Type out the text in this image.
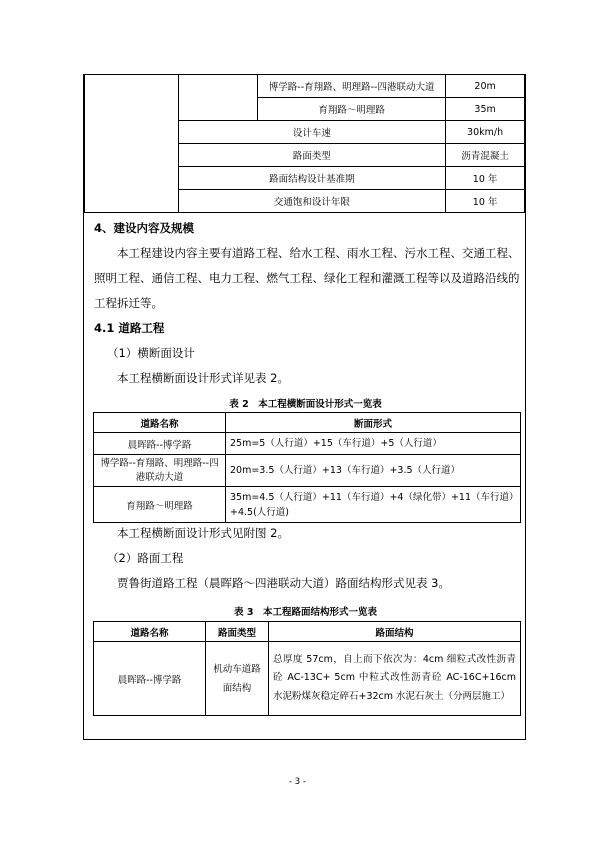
		博学路--育翔路、明理路--四港联动大道	20m
		育翔路～明理路	35m
	设计车速		30km/h
	路面类型		沥青混凝土
	路面结构设计基准期		10 年
	交通饱和设计年限		10 年
4、建设内容及规模
本工程建设内容主要有道路工程、给水工程、雨水工程、污水工程、交通工程、照明工程、通信工程、电力工程、燃气工程、绿化工程和灌溉工程等以及道路沿线的工程拆迁等。
4.1 道路工程
（1）横断面设计
本工程横断面设计形式详见表 2。
表 2　本工程横断面设计形式一览表
道路名称	断面形式
晨晖路--博学路	25m=5（人行道）+15（车行道）+5（人行道）
博学路--育翔路、明理路--四港联动大道	20m=3.5（人行道）+13（车行道）+3.5（人行道）
育翔路～明理路	35m=4.5（人行道）+11（车行道）+4（绿化带）+11（车行道）+4.5(人行道)
本工程横断面设计形式见附图 2。
（2）路面工程
贾鲁街道路工程（晨晖路～四港联动大道）路面结构形式见表 3。
表 3　本工程路面结构形式一览表
道路名称	路面类型	路面结构
晨晖路--博学路	机动车道路面结构	总厚度 57cm，自上而下依次为：4cm 细粒式改性沥青砼 AC-13C+ 5cm 中粒式改性沥青砼 AC-16C+16cm 水泥粉煤灰稳定碎石+32cm 水泥石灰土（分两层施工）
- 3 -
